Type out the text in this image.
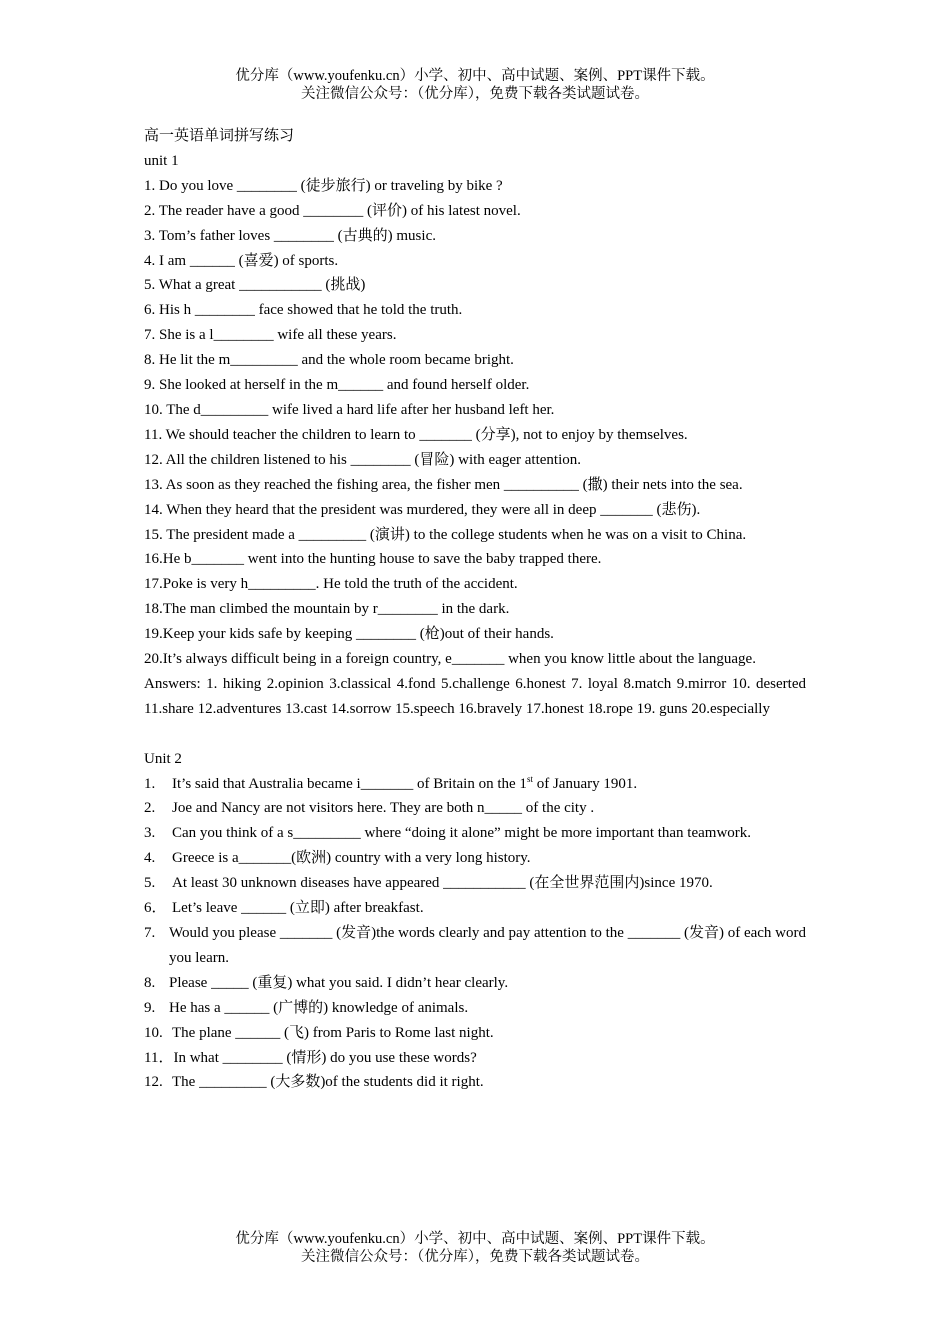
优分库（www.youfenku.cn）小学、初中、高中试题、案例、PPT课件下载。
关注微信公众号：（优分库），免费下载各类试题试卷。
高一英语单词拼写练习
unit 1
1. Do you love ________ (徒步旅行) or traveling by bike ?
2. The reader have a good ________ (评价) of his latest novel.
3. Tom’s father loves ________ (古典的) music.
4. I am ______ (喜爱) of sports.
5. What a great ___________ (挑战)
6. His h ________ face showed that he told the truth.
7. She is a l________ wife all these years.
8. He lit the m_________ and the whole room became bright.
9. She looked at herself in the m______ and found herself older.
10. The d_________ wife lived a hard life after her husband left her.
11. We should teacher the children to learn to _______ (分享), not to enjoy by themselves.
12. All the children listened to his ________ (冒险) with eager attention.
13. As soon as they reached the fishing area, the fisher men __________ (撒) their nets into the sea.
14. When they heard that the president was murdered, they were all in deep _______ (悲伤).
15. The president made a _________ (演讲) to the college students when he was on a visit to China.
16.He b_______ went into the hunting house to save the baby trapped there.
17.Poke is very h_________. He told the truth of the accident.
18.The man climbed the mountain by r________ in the dark.
19.Keep your kids safe by keeping ________ (枪)out of their hands.
20.It’s always difficult being in a foreign country, e_______ when you know little about the language.
Answers: 1. hiking 2.opinion 3.classical 4.fond 5.challenge 6.honest 7. loyal 8.match 9.mirror 10. deserted 11.share 12.adventures 13.cast 14.sorrow 15.speech 16.bravely 17.honest 18.rope 19. guns 20.especially
Unit 2
1.	It’s said that Australia became i_______ of Britain on the 1st of January 1901.
2.	Joe and Nancy are not visitors here. They are both n_____ of the city .
3.	Can you think of a s_________ where “doing it alone” might be more important than teamwork.
4.	Greece is a_______(欧洲) country with a very long history.
5.	At least 30 unknown diseases have appeared ___________ (在全世界范围内)since 1970.
6． Let’s leave ______ (立即) after breakfast.
7. Would you please _______ (发音)the words clearly and pay attention to the _______ (发音) of each word you learn.
8. Please _____ (重复) what you said. I didn’t hear clearly.
9. He has a ______ (广博的) knowledge of animals.
10. The plane ______ (飞) from Paris to Rome last night.
11． In what ________ (情形) do you use these words?
12. The _________ (大多数)of the students did it right.
优分库（www.youfenku.cn）小学、初中、高中试题、案例、PPT课件下载。
关注微信公众号：（优分库），免费下载各类试题试卷。
